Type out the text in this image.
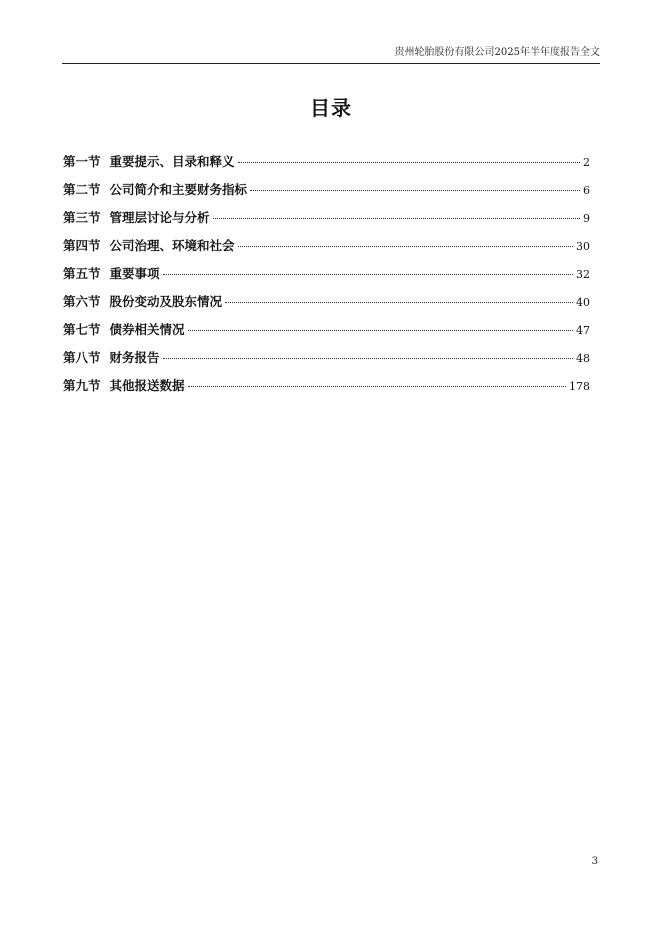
贵州轮胎股份有限公司2025年半年度报告全文
目录
第一节 重要提示、目录和释义	2
第二节 公司简介和主要财务指标	6
第三节 管理层讨论与分析	9
第四节 公司治理、环境和社会	30
第五节 重要事项	32
第六节 股份变动及股东情况	40
第七节 债券相关情况	47
第八节 财务报告	48
第九节 其他报送数据	178
3
